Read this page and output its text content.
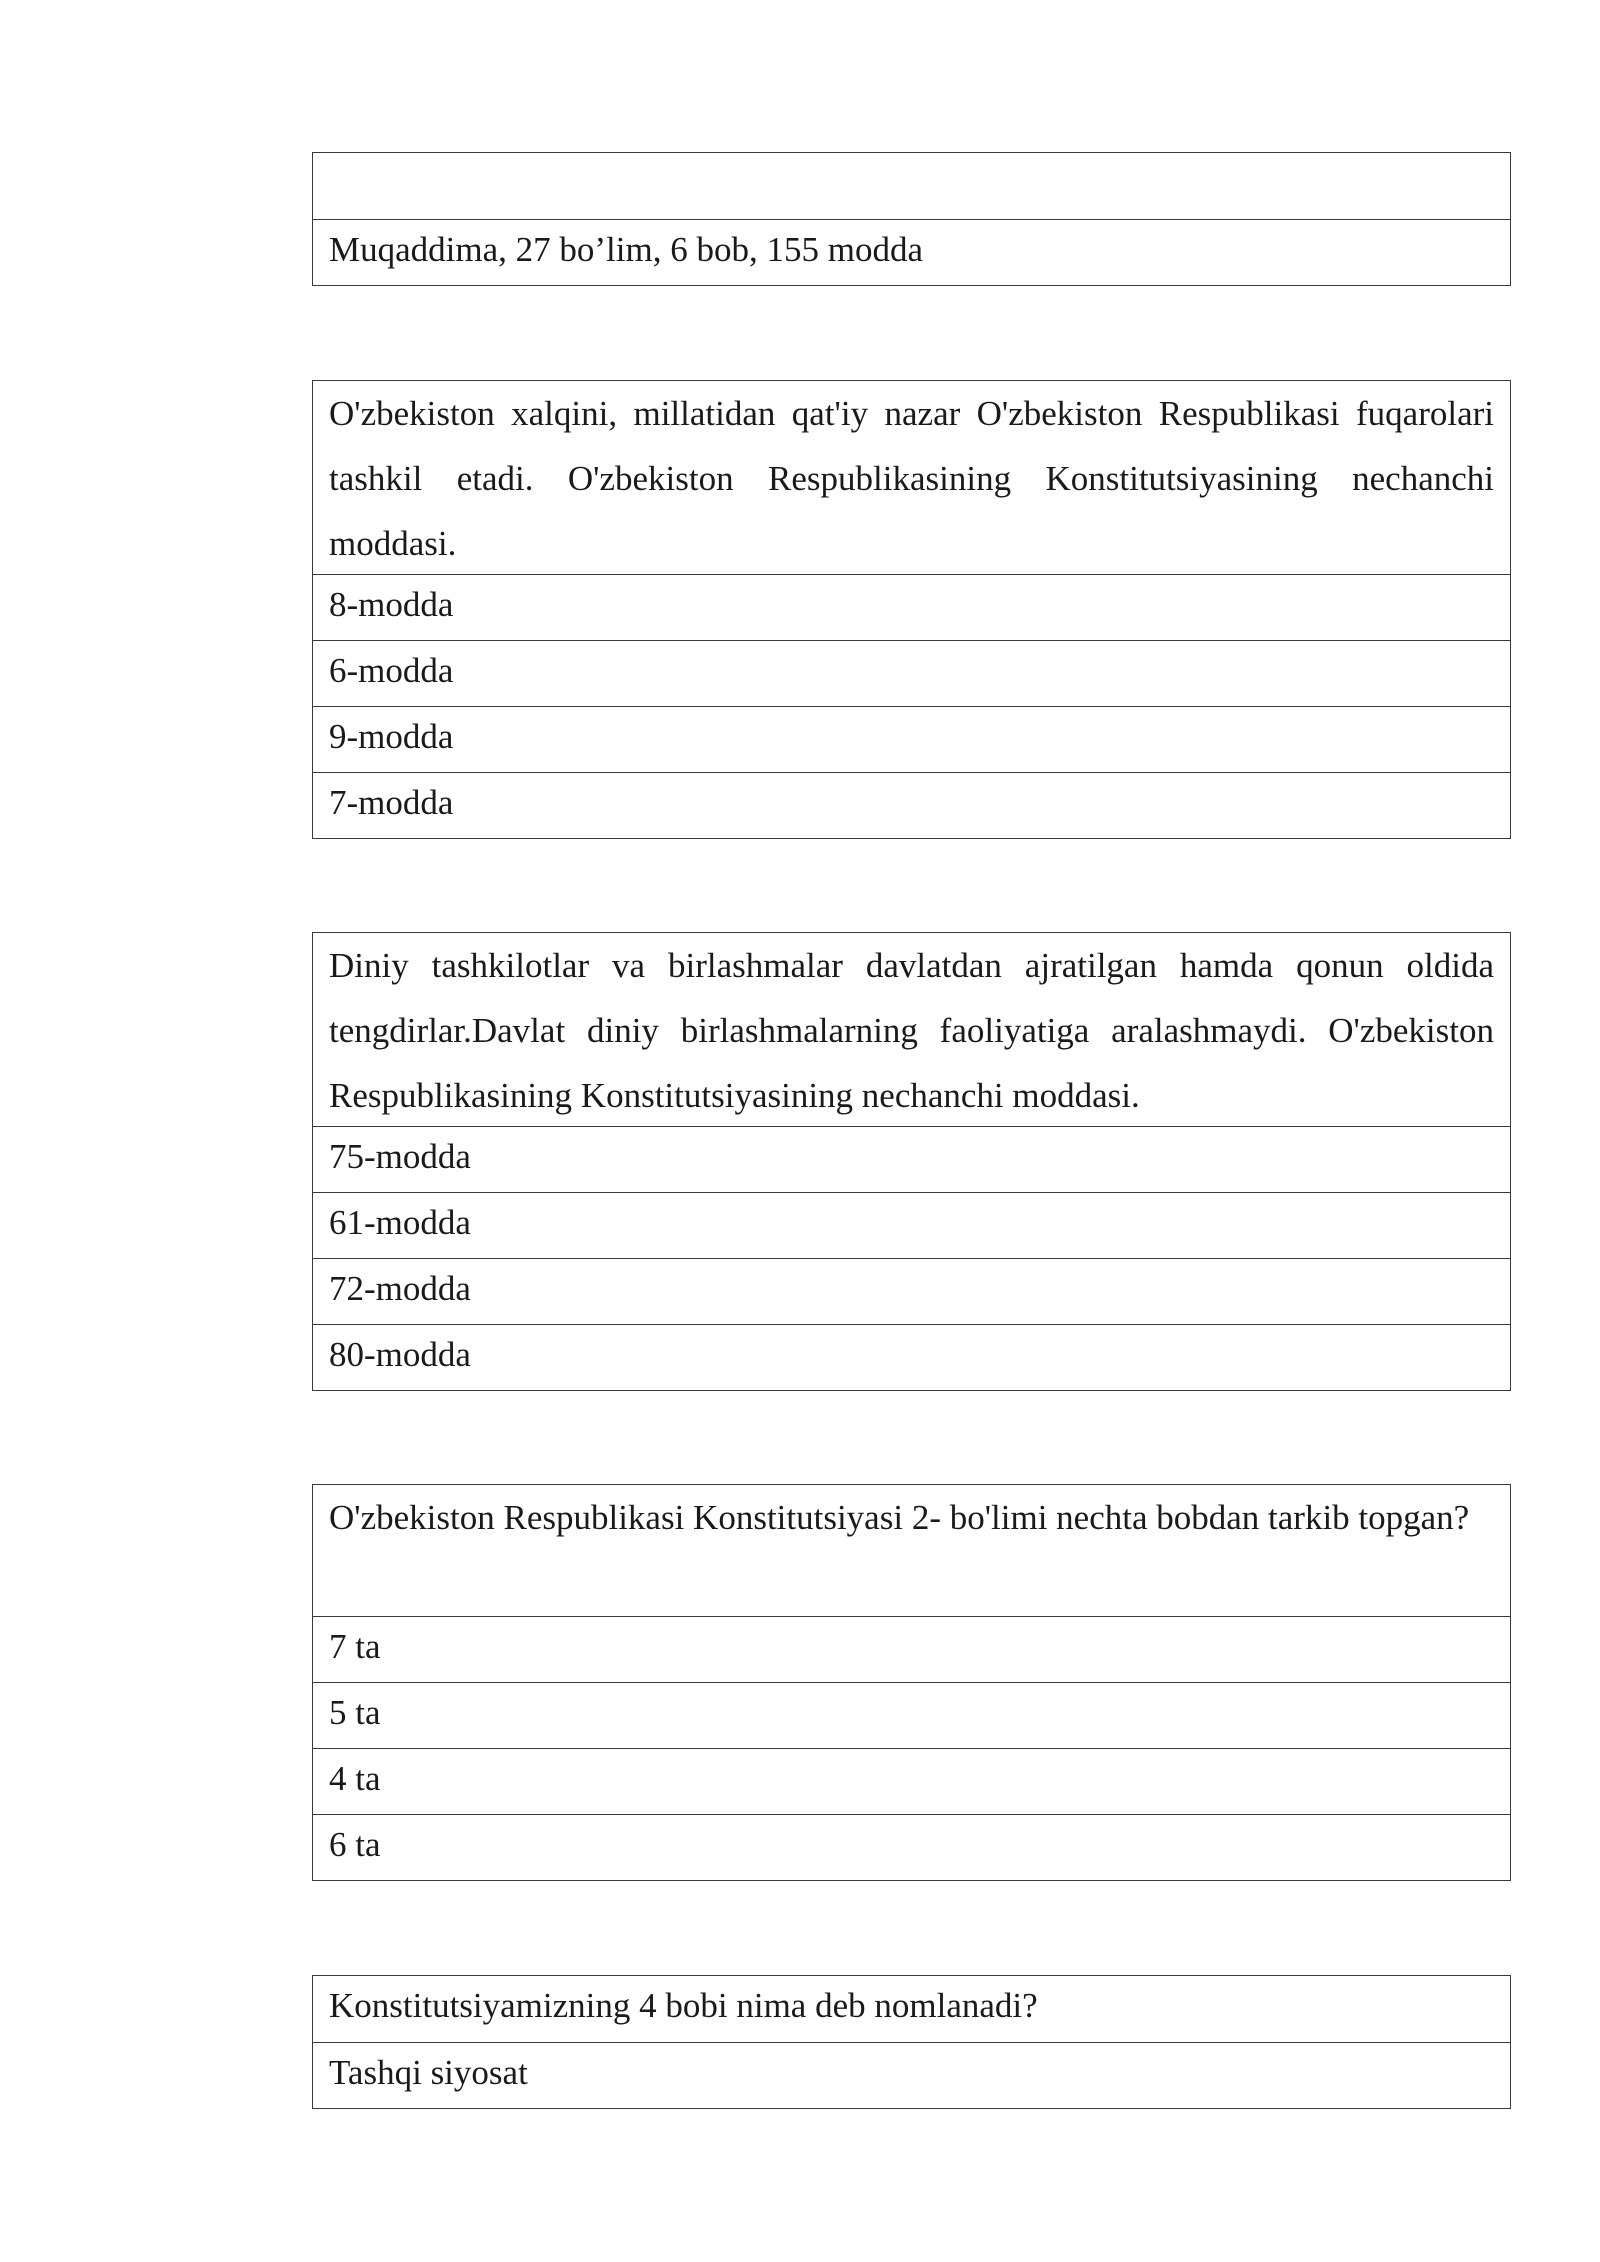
Muqaddima, 27 bo’lim, 6 bob, 155 modda
O'zbekiston xalqini, millatidan qat'iy nazar O'zbekiston Respublikasi fuqarolari tashkil etadi. O'zbekiston Respublikasining Konstitutsiyasining nechanchi moddasi.
8-modda
6-modda
9-modda
7-modda
Diniy tashkilotlar va birlashmalar davlatdan ajratilgan hamda qonun oldida tengdirlar.Davlat diniy birlashmalarning faoliyatiga aralashmaydi. O'zbekiston Respublikasining Konstitutsiyasining nechanchi moddasi.
75-modda
61-modda
72-modda
80-modda
O'zbekiston Respublikasi Konstitutsiyasi 2- bo'limi nechta bobdan tarkib topgan?
7 ta
5 ta
4 ta
6 ta
Konstitutsiyamizning 4 bobi nima deb nomlanadi?
Tashqi siyosat
